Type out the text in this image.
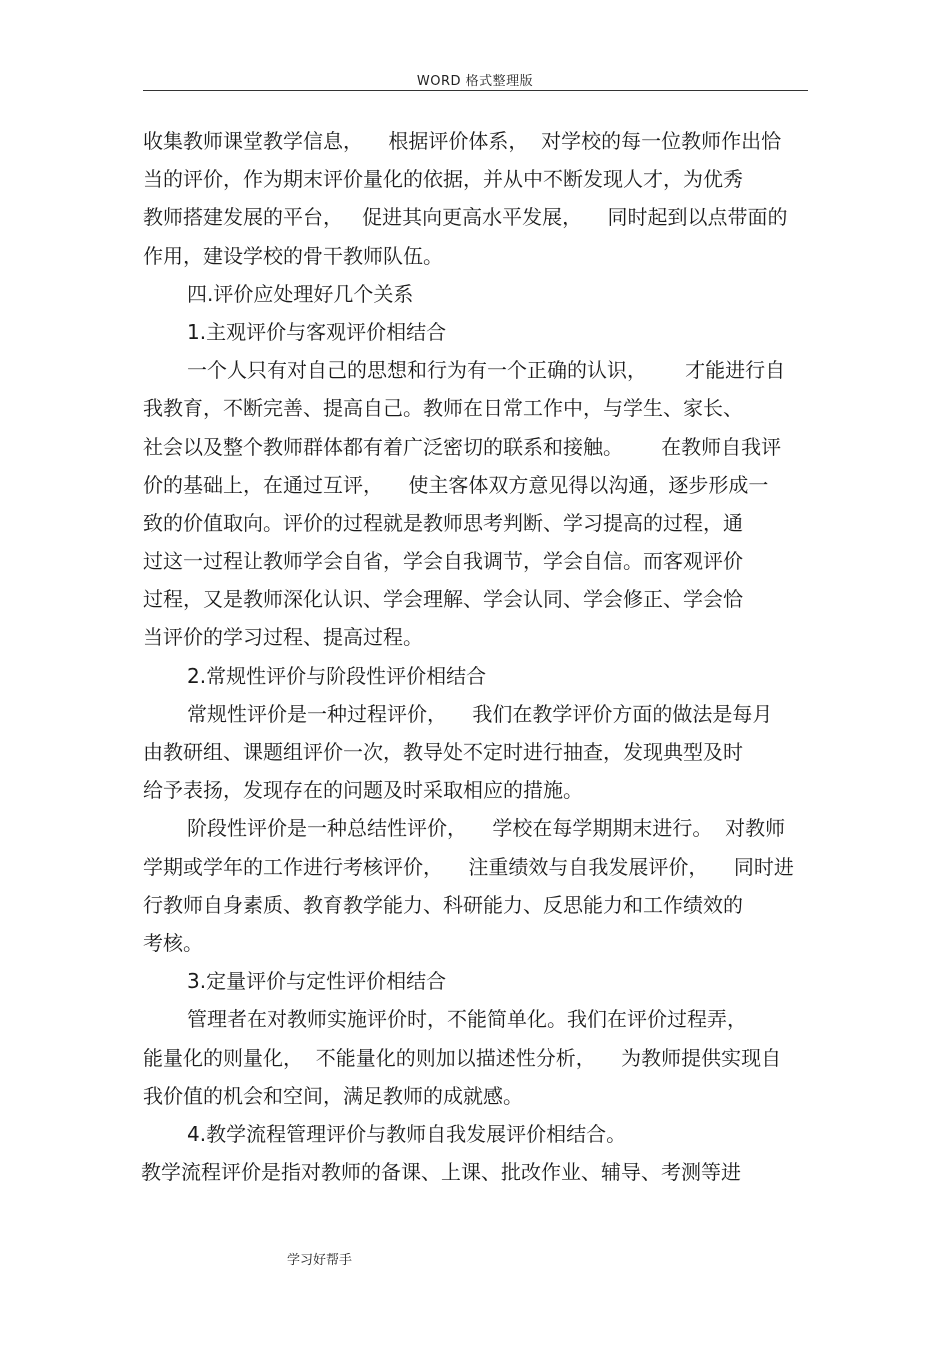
WORD 格式整理版
收集教师课堂教学信息，    根据评价体系，  对学校的每一位教师作出恰
当的评价，作为期末评价量化的依据，并从中不断发现人才，为优秀
教师搭建发展的平台，   促进其向更高水平发展，    同时起到以点带面的
作用，建设学校的骨干教师队伍。
四.评价应处理好几个关系
1.主观评价与客观评价相结合
一个人只有对自己的思想和行为有一个正确的认识，      才能进行自
我教育，不断完善、提高自己。教师在日常工作中，与学生、家长、
社会以及整个教师群体都有着广泛密切的联系和接触。      在教师自我评
价的基础上，在通过互评，    使主客体双方意见得以沟通，逐步形成一
致的价值取向。评价的过程就是教师思考判断、学习提高的过程，通
过这一过程让教师学会自省，学会自我调节，学会自信。而客观评价
过程，又是教师深化认识、学会理解、学会认同、学会修正、学会恰
当评价的学习过程、提高过程。
2.常规性评价与阶段性评价相结合
常规性评价是一种过程评价，    我们在教学评价方面的做法是每月
由教研组、课题组评价一次，教导处不定时进行抽查，发现典型及时
给予表扬，发现存在的问题及时采取相应的措施。
阶段性评价是一种总结性评价，    学校在每学期期末进行。  对教师
学期或学年的工作进行考核评价，    注重绩效与自我发展评价，    同时进
行教师自身素质、教育教学能力、科研能力、反思能力和工作绩效的
考核。
3.定量评价与定性评价相结合
管理者在对教师实施评价时，不能简单化。我们在评价过程弄，
能量化的则量化，  不能量化的则加以描述性分析，    为教师提供实现自
我价值的机会和空间，满足教师的成就感。
4.教学流程管理评价与教师自我发展评价相结合。
教学流程评价是指对教师的备课、上课、批改作业、辅导、考测等进
学习好帮手
